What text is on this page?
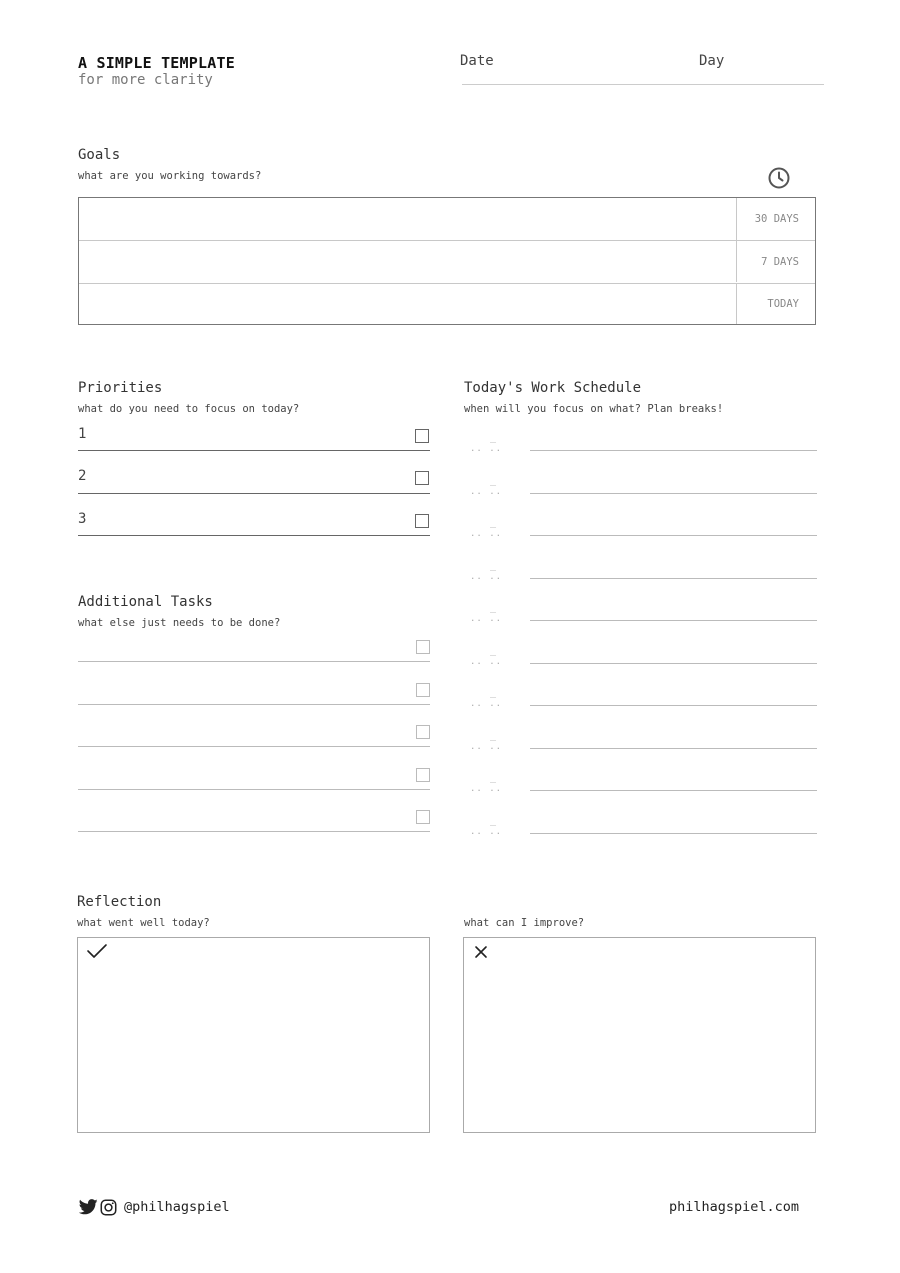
A SIMPLE TEMPLATE
for more clarity
Date	Day
Goals
what are you working towards?
30 DAYS
7 DAYS
TODAY
Priorities
what do you need to focus on today?
1
2
3
Additional Tasks
what else just needs to be done?
Today's Work Schedule
when will you focus on what? Plan breaks!
_
.. ..
_
.. ..
_
.. ..
_
.. ..
_
.. ..
_
.. ..
_
.. ..
_
.. ..
_
.. ..
_
.. ..
Reflection
what went well today?	what can I improve?
@philhagspiel	philhagspiel.com
